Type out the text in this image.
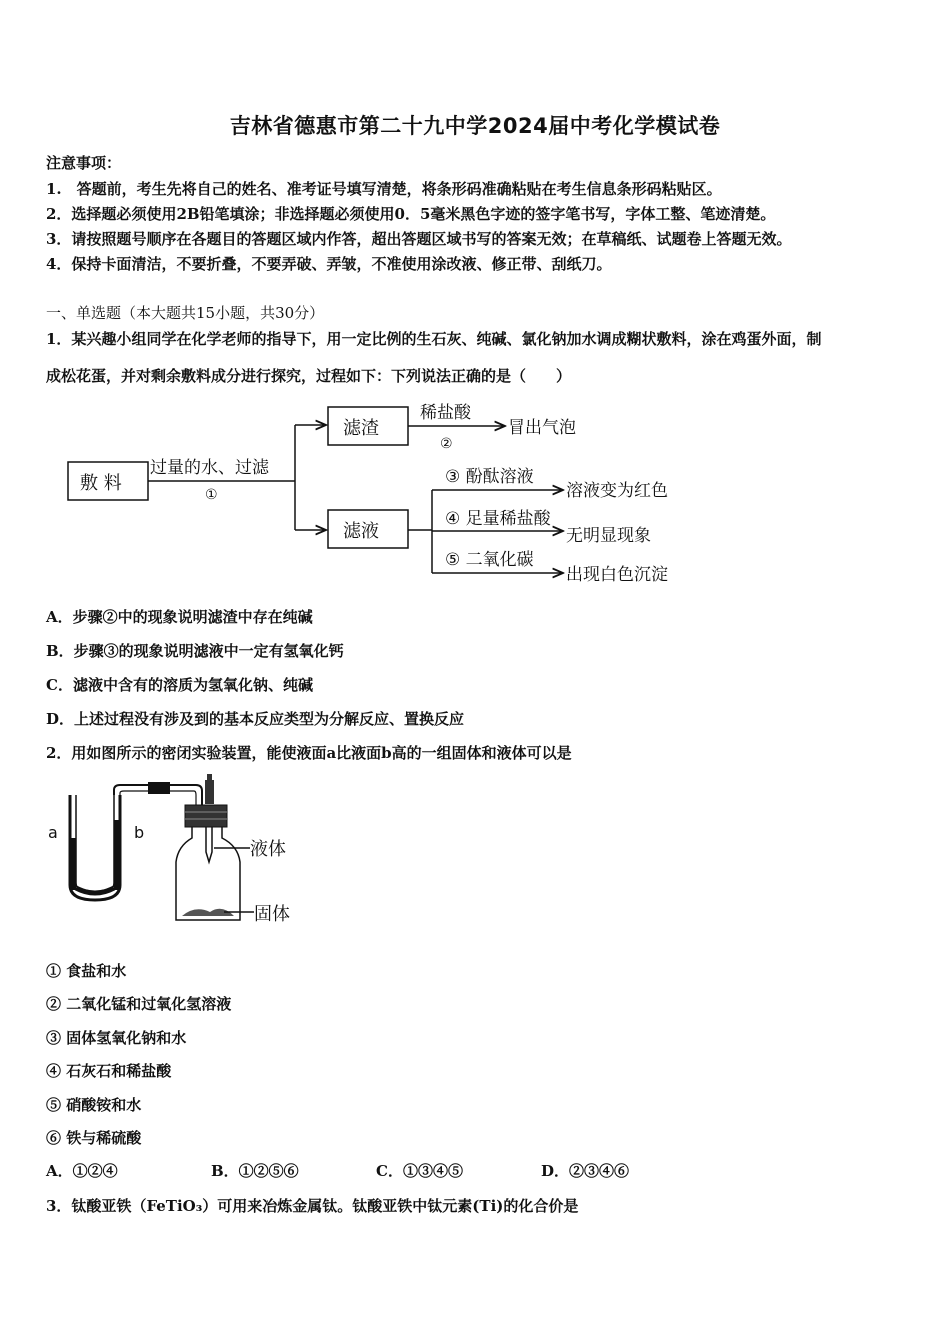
吉林省德惠市第二十九中学2024届中考化学模试卷
注意事项：
1.　答题前，考生先将自己的姓名、准考证号填写清楚，将条形码准确粘贴在考生信息条形码粘贴区。
2．选择题必须使用2B铅笔填涂；非选择题必须使用0．5毫米黑色字迹的签字笔书写，字体工整、笔迹清楚。
3．请按照题号顺序在各题目的答题区域内作答，超出答题区域书写的答案无效；在草稿纸、试题卷上答题无效。
4．保持卡面清洁，不要折叠，不要弄破、弄皱，不准使用涂改液、修正带、刮纸刀。
一、单选题（本大题共15小题，共30分）
1．某兴趣小组同学在化学老师的指导下，用一定比例的生石灰、纯碱、氯化钠加水调成糊状敷料，涂在鸡蛋外面，制
成松花蛋，并对剩余敷料成分进行探究，过程如下：下列说法正确的是（　　）
敷 料
过量的水、过滤
①
滤渣
稀盐酸
②
冒出气泡
滤液
③ 酚酞溶液
溶液变为红色
④ 足量稀盐酸
无明显现象
⑤ 二氧化碳
出现白色沉淀
A．步骤②中的现象说明滤渣中存在纯碱
B．步骤③的现象说明滤液中一定有氢氧化钙
C．滤液中含有的溶质为氢氧化钠、纯碱
D．上述过程没有涉及到的基本反应类型为分解反应、置换反应
2．用如图所示的密闭实验装置，能使液面a比液面b高的一组固体和液体可以是
a	b
液体
固体
① 食盐和水
② 二氧化锰和过氧化氢溶液
③ 固体氢氧化钠和水
④ 石灰石和稀盐酸
⑤ 硝酸铵和水
⑥ 铁与稀硫酸
A．①②④	B．①②⑤⑥	C．①③④⑤	D．②③④⑥
3．钛酸亚铁（FeTiO₃）可用来冶炼金属钛。钛酸亚铁中钛元素(Ti)的化合价是
